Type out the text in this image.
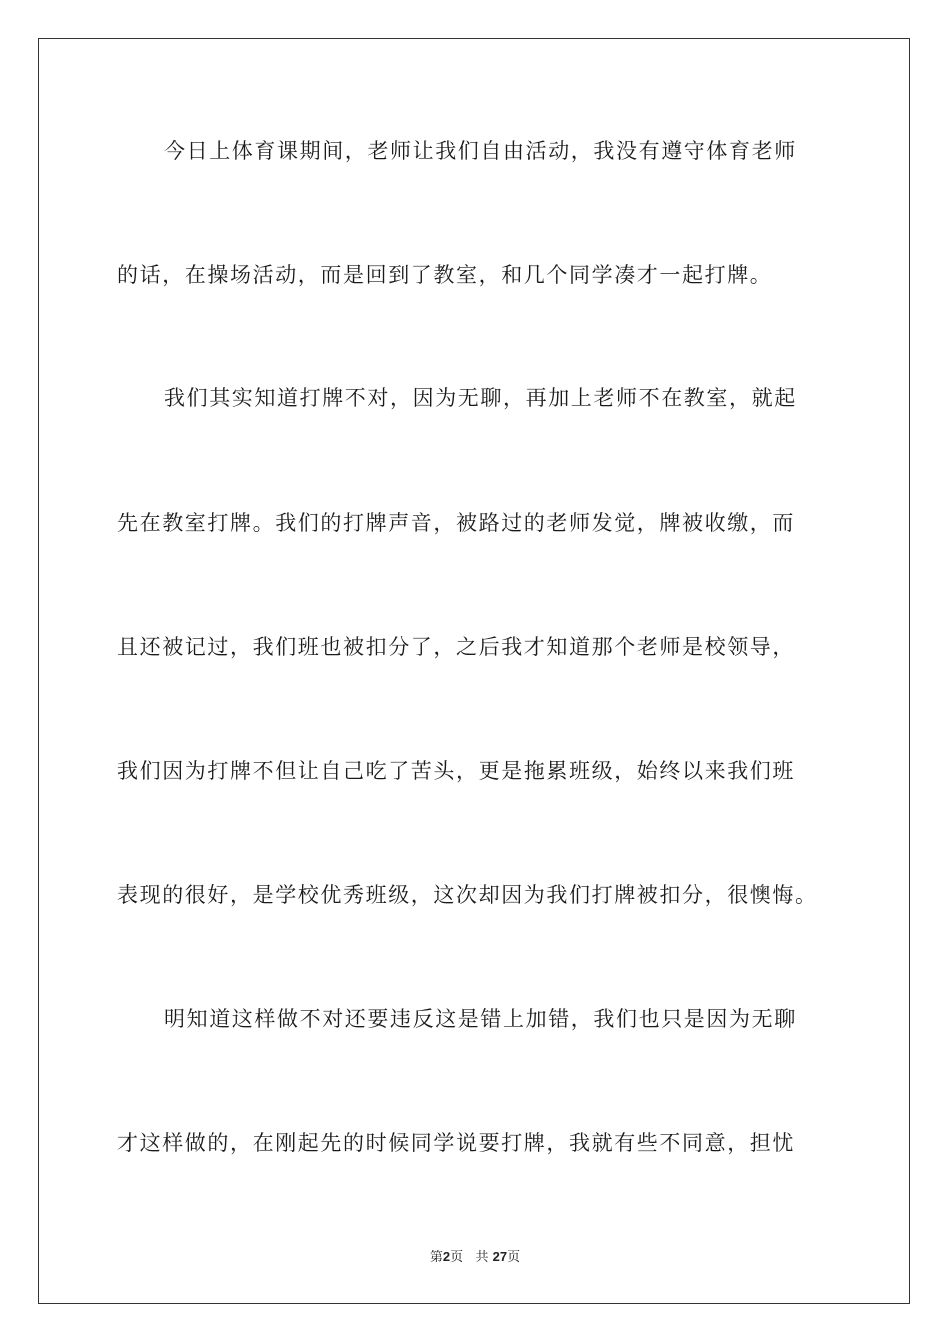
今日上体育课期间，老师让我们自由活动，我没有遵守体育老师
的话，在操场活动，而是回到了教室，和几个同学凑才一起打牌。
我们其实知道打牌不对，因为无聊，再加上老师不在教室，就起
先在教室打牌。我们的打牌声音，被路过的老师发觉，牌被收缴，而
且还被记过，我们班也被扣分了，之后我才知道那个老师是校领导，
我们因为打牌不但让自己吃了苦头，更是拖累班级，始终以来我们班
表现的很好，是学校优秀班级，这次却因为我们打牌被扣分，很懊悔。
明知道这样做不对还要违反这是错上加错，我们也只是因为无聊
才这样做的，在刚起先的时候同学说要打牌，我就有些不同意，担忧
第2页 共 27页
